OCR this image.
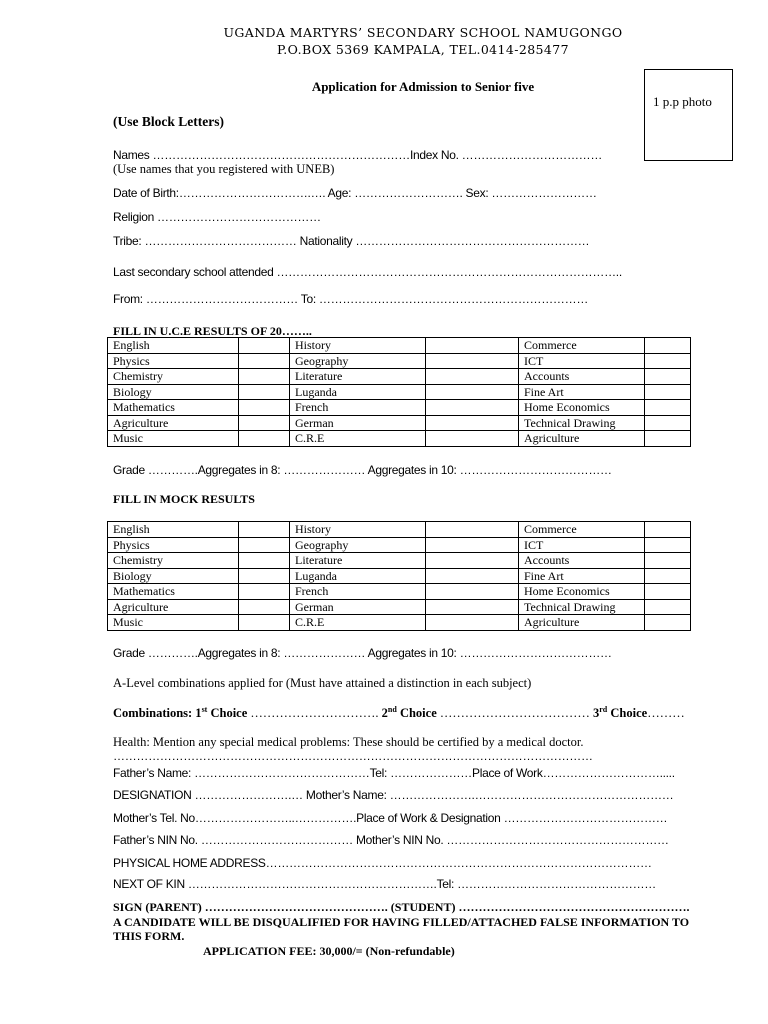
UGANDA MARTYRS’ SECONDARY SCHOOL NAMUGONGO
P.O.BOX 5369 KAMPALA, TEL.0414-285477
Application for Admission to Senior five
1 p.p photo
(Use Block Letters)
Names …………………………………………………………Index No. ………………………………
(Use names that you registered with UNEB)
Date of Birth:…………………………….…. Age: ………………………. Sex: ………………………
Religion ……………………………………
Tribe: ………………………………… Nationality ……………………………………………………
Last secondary school attended ……………………………………………………………………………..
From: ………………………………… To: ……………………………………………………………
FILL IN U.C.E RESULTS OF 20……..
English		History		Commerce	
Physics		Geography		ICT	
Chemistry		Literature		Accounts	
Biology		Luganda		Fine Art	
Mathematics		French		Home Economics	
Agriculture		German		Technical Drawing	
Music		C.R.E		Agriculture	
Grade ………….Aggregates in 8: ………………… Aggregates in 10: …………………………………
FILL IN MOCK RESULTS
English		History		Commerce	
Physics		Geography		ICT	
Chemistry		Literature		Accounts	
Biology		Luganda		Fine Art	
Mathematics		French		Home Economics	
Agriculture		German		Technical Drawing	
Music		C.R.E		Agriculture	
Grade ………….Aggregates in 8: ………………… Aggregates in 10: …………………………………
A-Level combinations applied for (Must have attained a distinction in each subject)
Combinations: 1st Choice …………………………. 2nd Choice ……………………………… 3rd Choice………
Health: Mention any special medical problems: These should be certified by a medical doctor.
……………………………………………………………………………………………………………
Father’s Name: ………………………………………Tel: …………………Place of Work………………………….....
DESIGNATION …………………….… Mother’s Name: ………………….……………………………………………
Mother’s Tel. No……………………..…………….Place of Work & Designation ……………………………………
Father’s NIN No. ………………………………… Mother’s NIN No. …………………………………………………
PHYSICAL HOME ADDRESS………………………………………………………………………………………
NEXT OF KIN ……………………………………………………….Tel: ……………………………………………
SIGN (PARENT) ………………………………………. (STUDENT) ………………………………………………….
A CANDIDATE WILL BE DISQUALIFIED FOR HAVING FILLED/ATTACHED FALSE INFORMATION TO
THIS FORM.
APPLICATION FEE: 30,000/= (Non-refundable)
